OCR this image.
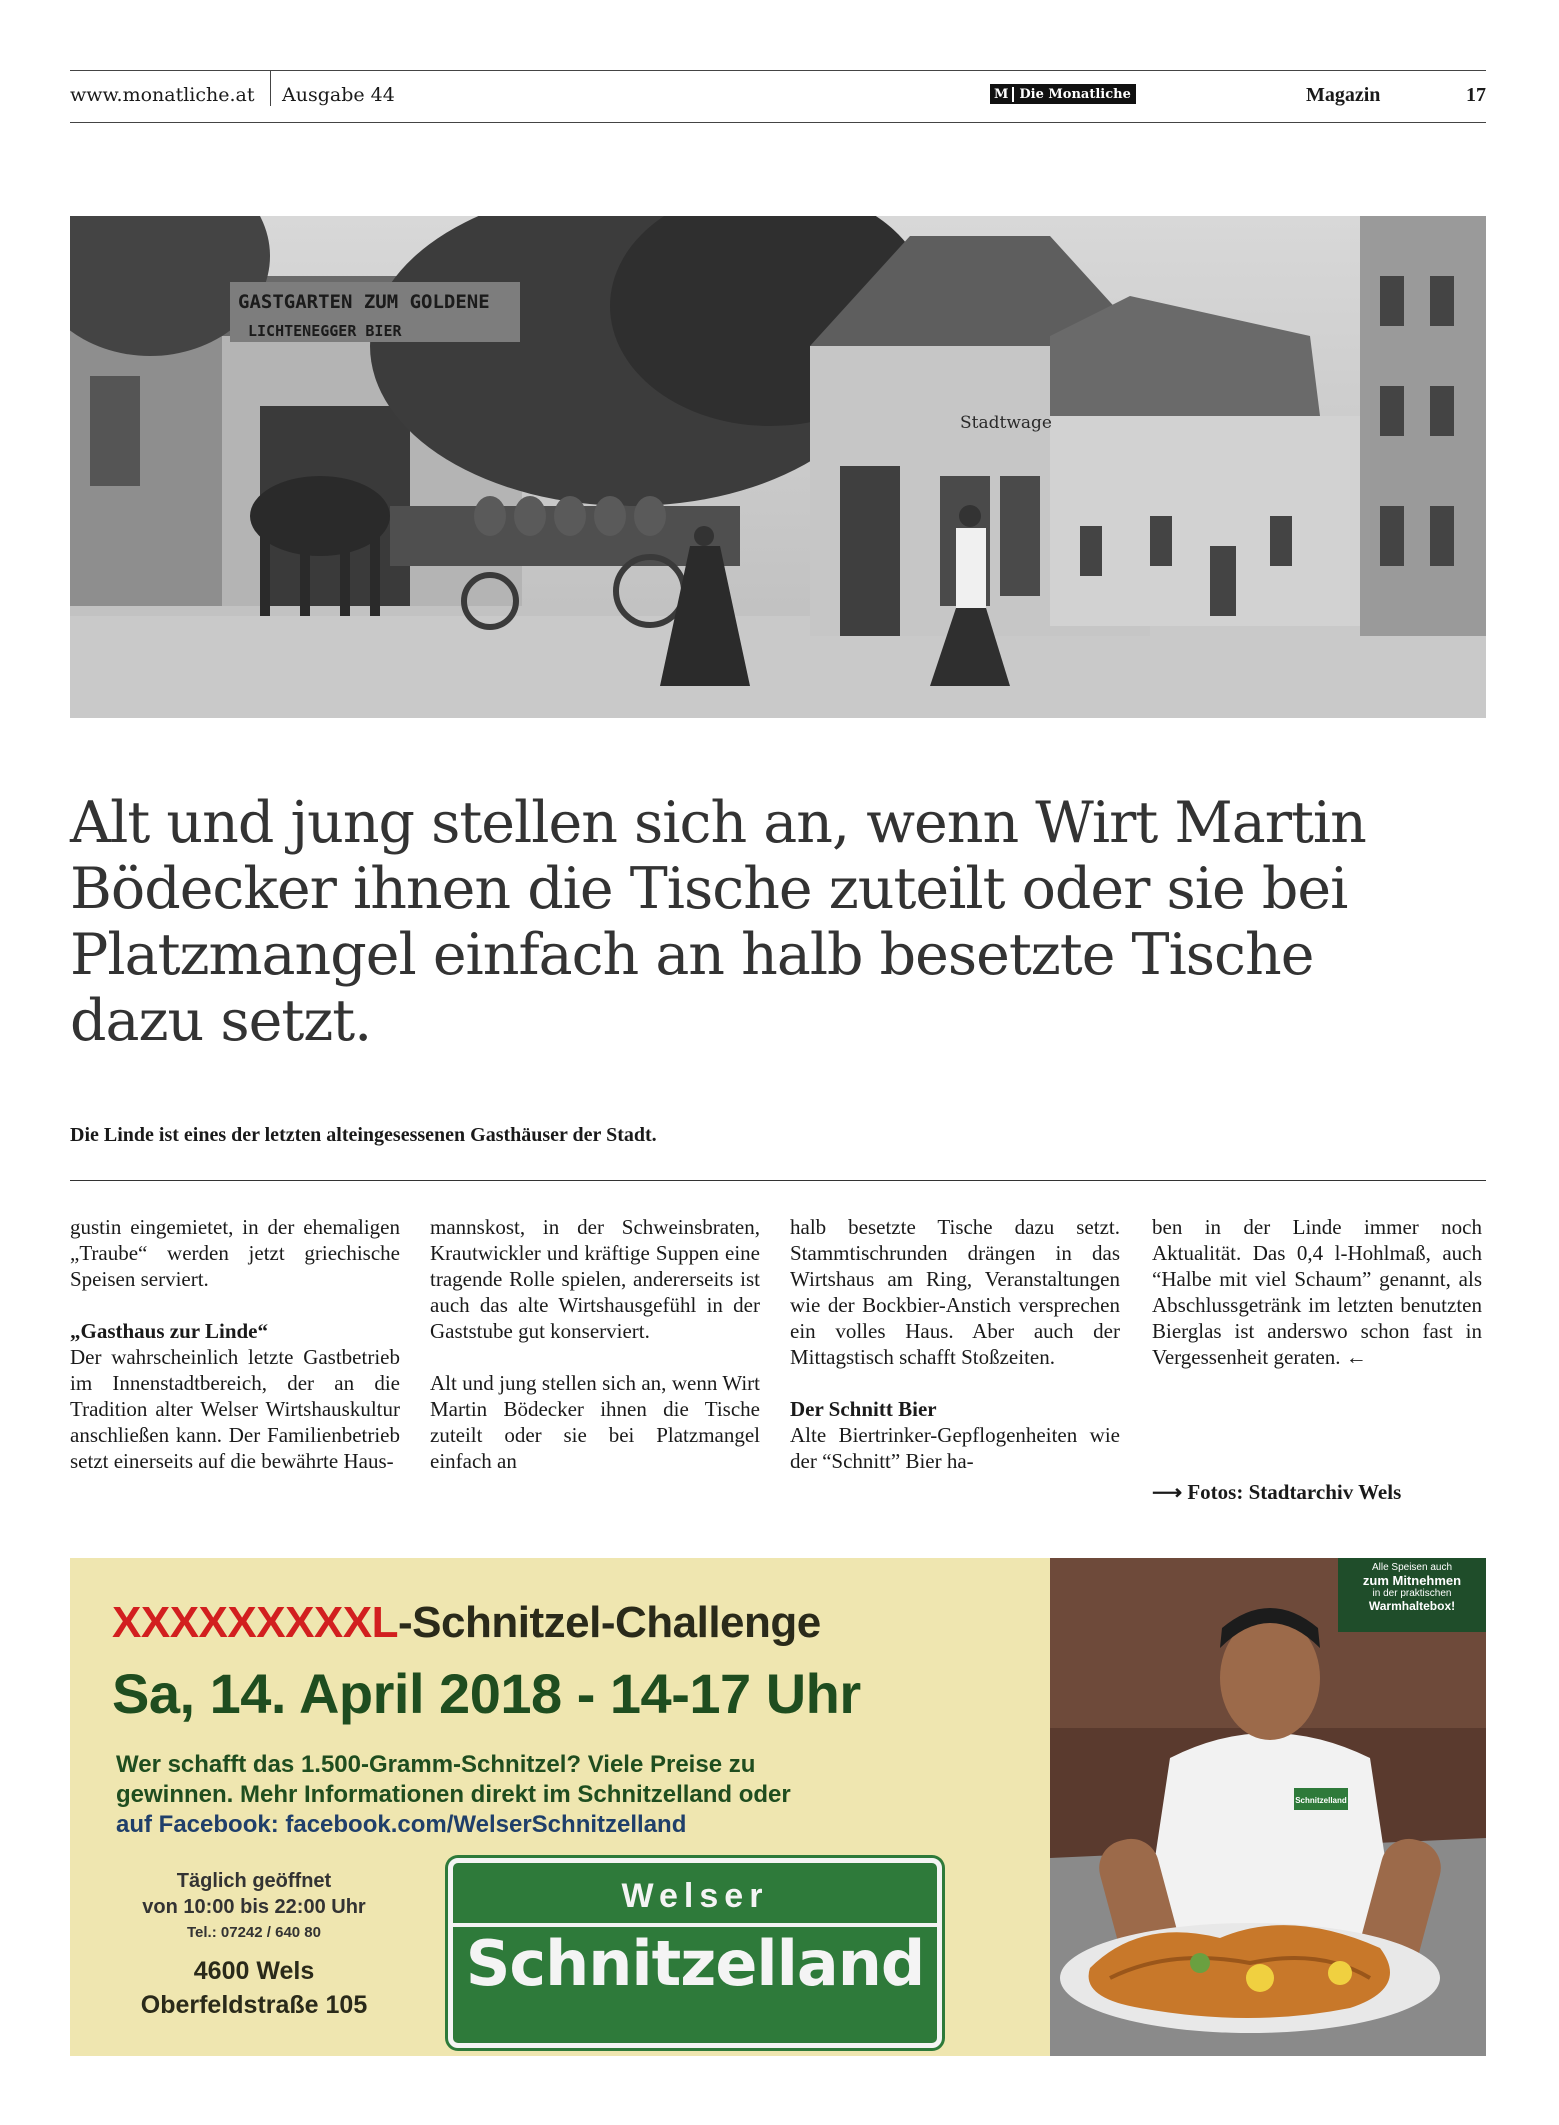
www.monatliche.at Ausgabe 44	M Die Monatliche	Magazin	17
GASTGARTEN ZUM GOLDENE
LICHTENEGGER BIER
Stadtwage
Alt und jung stellen sich an, wenn Wirt Martin Bödecker ihnen die Tische zuteilt oder sie bei Platzmangel einfach an halb besetzte Tische dazu setzt.
Die Linde ist eines der letzten alteingesessenen Gasthäuser der Stadt.

gustin eingemietet, in der ehemaligen „Traube“ werden jetzt griechische Speisen serviert.

„Gasthaus zur Linde“

Der wahrscheinlich letzte Gastbetrieb im Innenstadtbereich, der an die Tradition alter Welser Wirtshauskultur anschließen kann. Der Familienbetrieb setzt einerseits auf die bewährte Haus-

mannskost, in der Schweinsbraten, Krautwickler und kräftige Suppen eine tragende Rolle spielen, andererseits ist auch das alte Wirtshausgefühl in der Gaststube gut konserviert.

Alt und jung stellen sich an, wenn Wirt Martin Bödecker ihnen die Tische zuteilt oder sie bei Platzmangel einfach an

halb besetzte Tische dazu setzt. Stammtischrunden drängen in das Wirtshaus am Ring, Veranstaltungen wie der Bockbier-Anstich versprechen ein volles Haus. Aber auch der Mittagstisch schafft Stoßzeiten.

Der Schnitt Bier

Alte Biertrinker-Gepflogenheiten wie der “Schnitt” Bier ha-

ben in der Linde immer noch Aktualität. Das 0,4 l-Hohlmaß, auch “Halbe mit viel Schaum” genannt, als Abschlussgetränk im letzten benutzten Bierglas ist anderswo schon fast in Vergessenheit geraten. ←

⟶ Fotos: Stadtarchiv Wels
XXXXXXXXXL-Schnitzel-Challenge
Sa, 14. April 2018 - 14-17 Uhr
Wer schafft das 1.500-Gramm-Schnitzel? Viele Preise zu
gewinnen. Mehr Informationen direkt im Schnitzelland oder
auf Facebook: facebook.com/WelserSchnitzelland
Täglich geöffnet
von 10:00 bis 22:00 Uhr
Tel.: 07242 / 640 80
4600 Wels
Oberfeldstraße 105
Welser
Schnitzelland
Schnitzelland
Alle Speisen auch
zum Mitnehmen
in der praktischen
Warmhaltebox!
